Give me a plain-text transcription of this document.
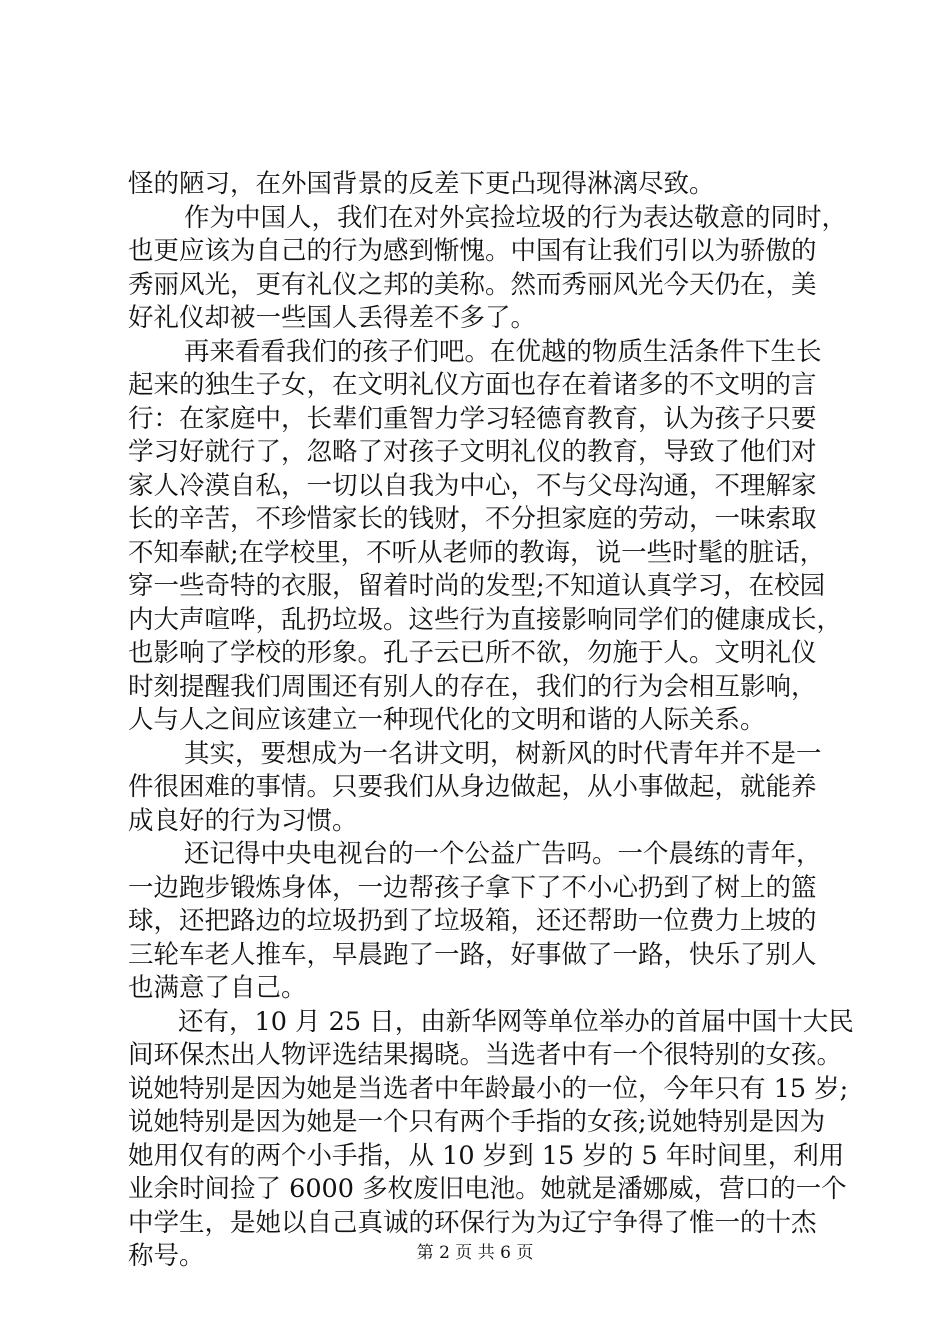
怪的陋习，在外国背景的反差下更凸现得淋漓尽致。
作为中国人，我们在对外宾捡垃圾的行为表达敬意的同时，
也更应该为自己的行为感到惭愧。中国有让我们引以为骄傲的
秀丽风光，更有礼仪之邦的美称。然而秀丽风光今天仍在，美
好礼仪却被一些国人丢得差不多了。
再来看看我们的孩子们吧。在优越的物质生活条件下生长
起来的独生子女，在文明礼仪方面也存在着诸多的不文明的言
行：在家庭中，长辈们重智力学习轻德育教育，认为孩子只要
学习好就行了，忽略了对孩子文明礼仪的教育，导致了他们对
家人冷漠自私，一切以自我为中心，不与父母沟通，不理解家
长的辛苦，不珍惜家长的钱财，不分担家庭的劳动，一味索取
不知奉献;在学校里，不听从老师的教诲，说一些时髦的脏话，
穿一些奇特的衣服，留着时尚的发型;不知道认真学习，在校园
内大声喧哗，乱扔垃圾。这些行为直接影响同学们的健康成长，
也影响了学校的形象。孔子云已所不欲，勿施于人。文明礼仪
时刻提醒我们周围还有别人的存在，我们的行为会相互影响，
人与人之间应该建立一种现代化的文明和谐的人际关系。
其实，要想成为一名讲文明，树新风的时代青年并不是一
件很困难的事情。只要我们从身边做起，从小事做起，就能养
成良好的行为习惯。
还记得中央电视台的一个公益广告吗。一个晨练的青年，
一边跑步锻炼身体，一边帮孩子拿下了不小心扔到了树上的篮
球，还把路边的垃圾扔到了垃圾箱，还还帮助一位费力上坡的
三轮车老人推车，早晨跑了一路，好事做了一路，快乐了别人
也满意了自己。
还有，10 月 25 日，由新华网等单位举办的首届中国十大民
间环保杰出人物评选结果揭晓。当选者中有一个很特别的女孩。
说她特别是因为她是当选者中年龄最小的一位，今年只有 15 岁;
说她特别是因为她是一个只有两个手指的女孩;说她特别是因为
她用仅有的两个小手指，从 10 岁到 15 岁的 5 年时间里，利用
业余时间捡了 6000 多枚废旧电池。她就是潘娜威，营口的一个
中学生，是她以自己真诚的环保行为为辽宁争得了惟一的十杰
称号。	第 2 页 共 6 页
